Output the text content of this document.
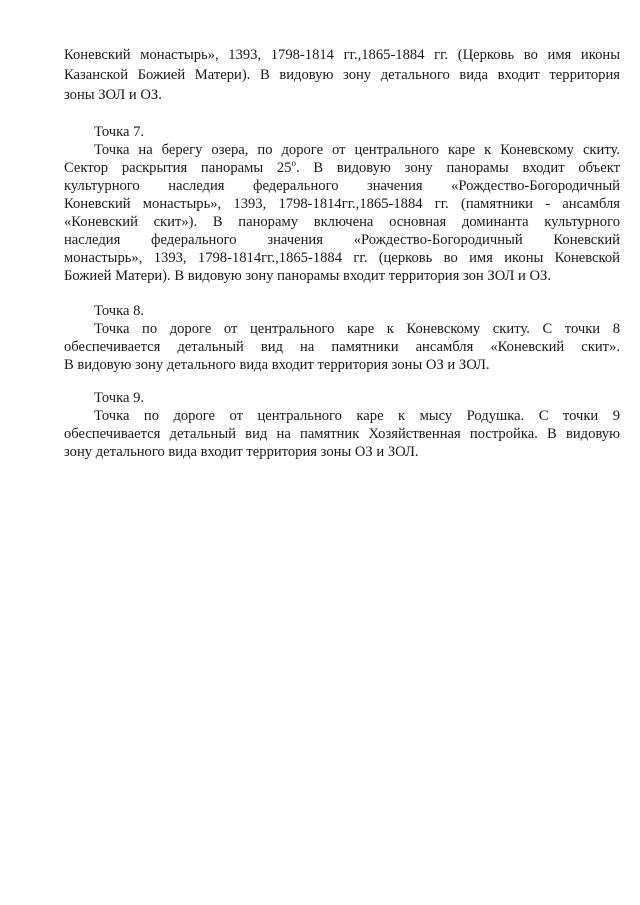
Коневский монастырь», 1393, 1798-1814 гг.,1865-1884 гг. (Церковь во имя иконы
Казанской Божией Матери). В видовую зону детального вида входит территория
зоны ЗОЛ и ОЗ.
Точка 7.
Точка на берегу озера, по дороге от центрального каре к Коневскому скиту.
Сектор раскрытия панорамы $25^о$. В видовую зону панорамы входит объект
культурного наследия федерального значения «Рождество-Богородичный
Коневский монастырь», 1393, 1798-1814гг.,1865-1884 гг. (памятники - ансамбля
«Коневский скит»). В панораму включена основная доминанта культурного
наследия федерального значения «Рождество-Богородичный Коневский
монастырь», 1393, 1798-1814гг.,1865-1884 гг. (церковь во имя иконы Коневской
Божией Матери). В видовую зону панорамы входит территория зон ЗОЛ и ОЗ.
Точка 8.
Точка по дороге от центрального каре к Коневскому скиту. С точки 8
обеспечивается детальный вид на памятники ансамбля «Коневский скит».
В видовую зону детального вида входит территория зоны ОЗ и ЗОЛ.
Точка 9.
Точка по дороге от центрального каре к мысу Родушка. С точки 9
обеспечивается детальный вид на памятник Хозяйственная постройка. В видовую
зону детального вида входит территория зоны ОЗ и ЗОЛ.
